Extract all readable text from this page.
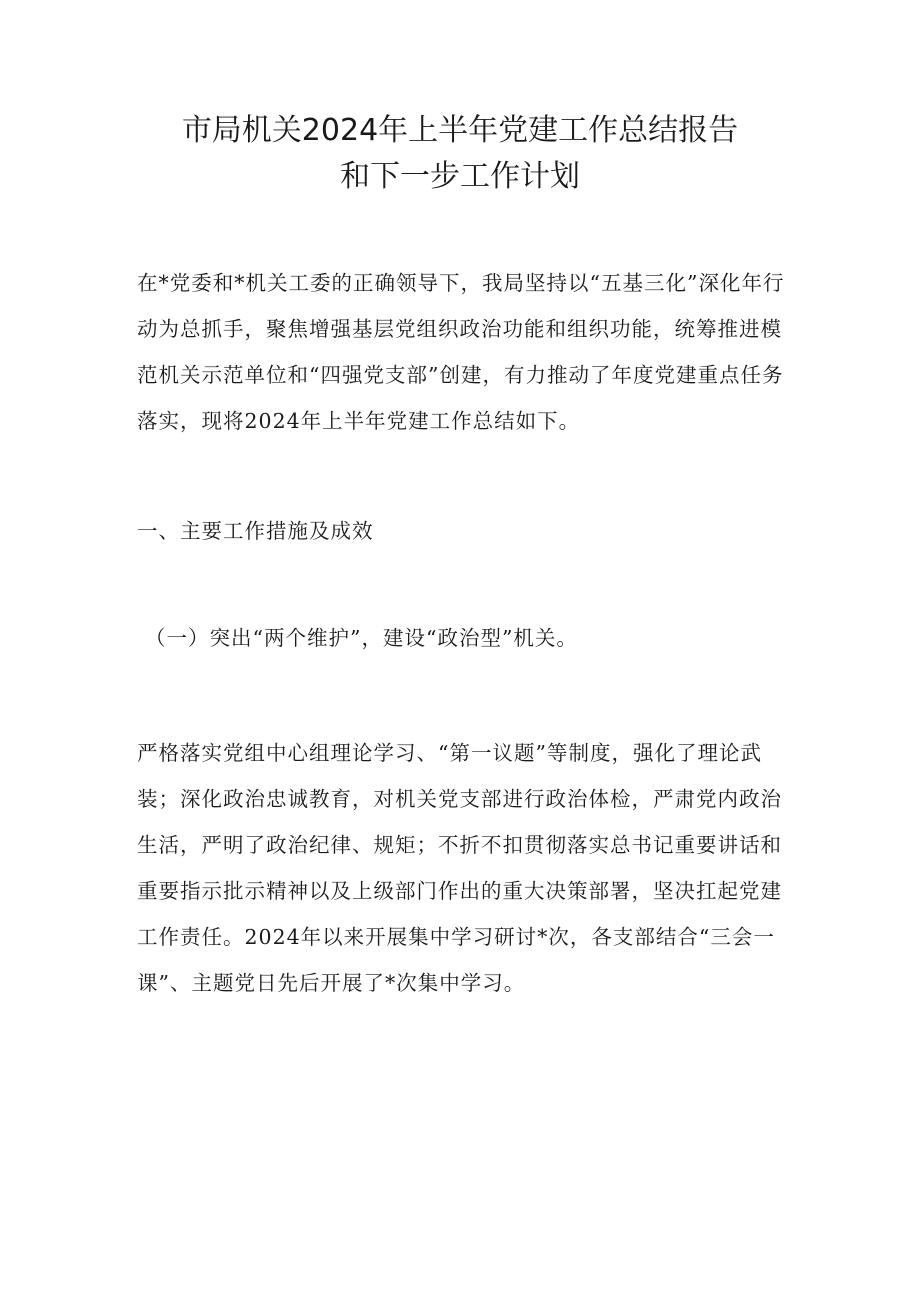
市局机关2024年上半年党建工作总结报告
和下一步工作计划

在*党委和*机关工委的正确领导下，我局坚持以“五基三化”深化年行动为总抓手，聚焦增强基层党组织政治功能和组织功能，统筹推进模范机关示范单位和“四强党支部”创建，有力推动了年度党建重点任务落实，现将2024年上半年党建工作总结如下。

一、主要工作措施及成效

（一）突出“两个维护”，建设“政治型”机关。

严格落实党组中心组理论学习、“第一议题”等制度，强化了理论武装；深化政治忠诚教育，对机关党支部进行政治体检，严肃党内政治生活，严明了政治纪律、规矩；不折不扣贯彻落实总书记重要讲话和重要指示批示精神以及上级部门作出的重大决策部署，坚决扛起党建工作责任。2024年以来开展集中学习研讨*次，各支部结合“三会一课”、主题党日先后开展了*次集中学习。
